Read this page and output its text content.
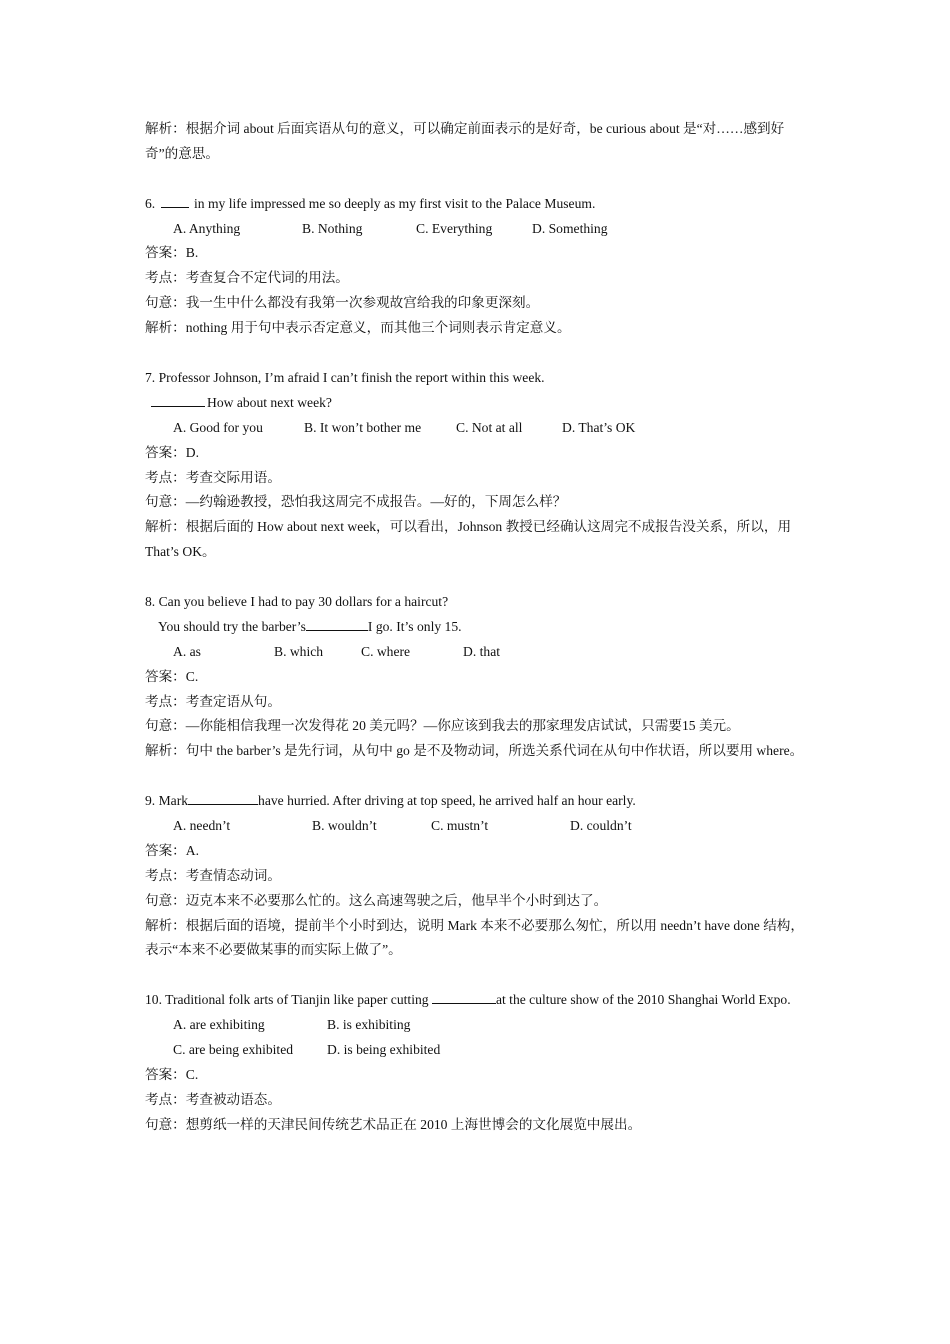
解析：根据介词 about 后面宾语从句的意义，可以确定前面表示的是好奇，be curious about 是“对……感到好奇”的意思。
6.	in my life impressed me so deeply as my first visit to the Palace Museum.
A. Anything	B. Nothing	C. Everything	D. Something
答案：B.
考点：考查复合不定代词的用法。
句意：我一生中什么都没有我第一次参观故宫给我的印象更深刻。
解析：nothing 用于句中表示否定意义，而其他三个词则表示肯定意义。
7. Professor Johnson, I’m afraid I can’t finish the report within this week.
How about next week?
A. Good for you	B. It won’t bother me	C. Not at all	D. That’s OK
答案：D.
考点：考查交际用语。
句意：—约翰逊教授，恐怕我这周完不成报告。—好的，下周怎么样？
解析：根据后面的 How about next week，可以看出，Johnson 教授已经确认这周完不成报告没关系，所以，用 That’s OK。
8. Can you believe I had to pay 30 dollars for a haircut?
You should try the barber’s	I go. It’s only 15.
A. as	B. which	C. where	D. that
答案：C.
考点：考查定语从句。
句意：—你能相信我理一次发得花 20 美元吗？—你应该到我去的那家理发店试试，只需要15 美元。
解析：句中 the barber’s 是先行词，从句中 go 是不及物动词，所选关系代词在从句中作状语，所以要用 where。
9. Mark	have hurried. After driving at top speed, he arrived half an hour early.
A. needn’t	B. wouldn’t	C. mustn’t	D. couldn’t
答案：A.
考点：考查情态动词。
句意：迈克本来不必要那么忙的。这么高速驾驶之后，他早半个小时到达了。
解析：根据后面的语境，提前半个小时到达，说明 Mark 本来不必要那么匆忙，所以用 needn’t have done 结构，表示“本来不必要做某事的而实际上做了”。
10. Traditional folk arts of Tianjin like paper cutting	at the culture show of the 2010 Shanghai World Expo.
A. are exhibiting	B. is exhibiting
C. are being exhibited D. is being exhibited
答案：C.
考点：考查被动语态。
句意：想剪纸一样的天津民间传统艺术品正在 2010 上海世博会的文化展览中展出。
